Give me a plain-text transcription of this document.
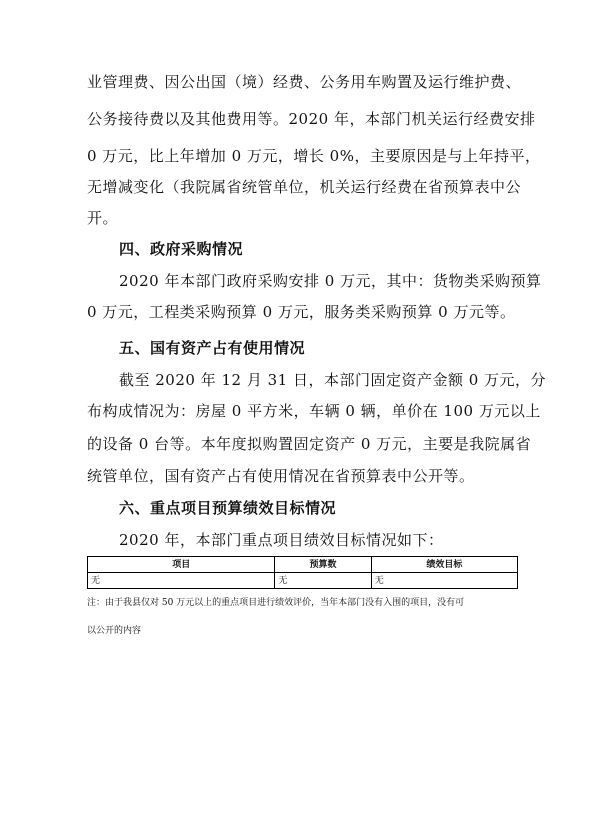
业管理费、因公出国（境）经费、公务用车购置及运行维护费、
公务接待费以及其他费用等。2020 年，本部门机关运行经费安排
0 万元，比上年增加 0 万元，增长 0%，主要原因是与上年持平，
无增减变化（我院属省统管单位，机关运行经费在省预算表中公
开。
四、政府采购情况
2020 年本部门政府采购安排 0 万元，其中：货物类采购预算
0 万元，工程类采购预算 0 万元，服务类采购预算 0 万元等。
五、国有资产占有使用情况
截至 2020 年 12 月 31 日，本部门固定资产金额 0 万元，分
布构成情况为：房屋 0 平方米，车辆 0 辆，单价在 100 万元以上
的设备 0 台等。本年度拟购置固定资产 0 万元，主要是我院属省
统管单位，国有资产占有使用情况在省预算表中公开等。
六、重点项目预算绩效目标情况
2020 年，本部门重点项目绩效目标情况如下：
项目	预算数	绩效目标
无	无	无
注：由于我县仅对 50 万元以上的重点项目进行绩效评价，当年本部门没有入围的项目，没有可
以公开的内容
